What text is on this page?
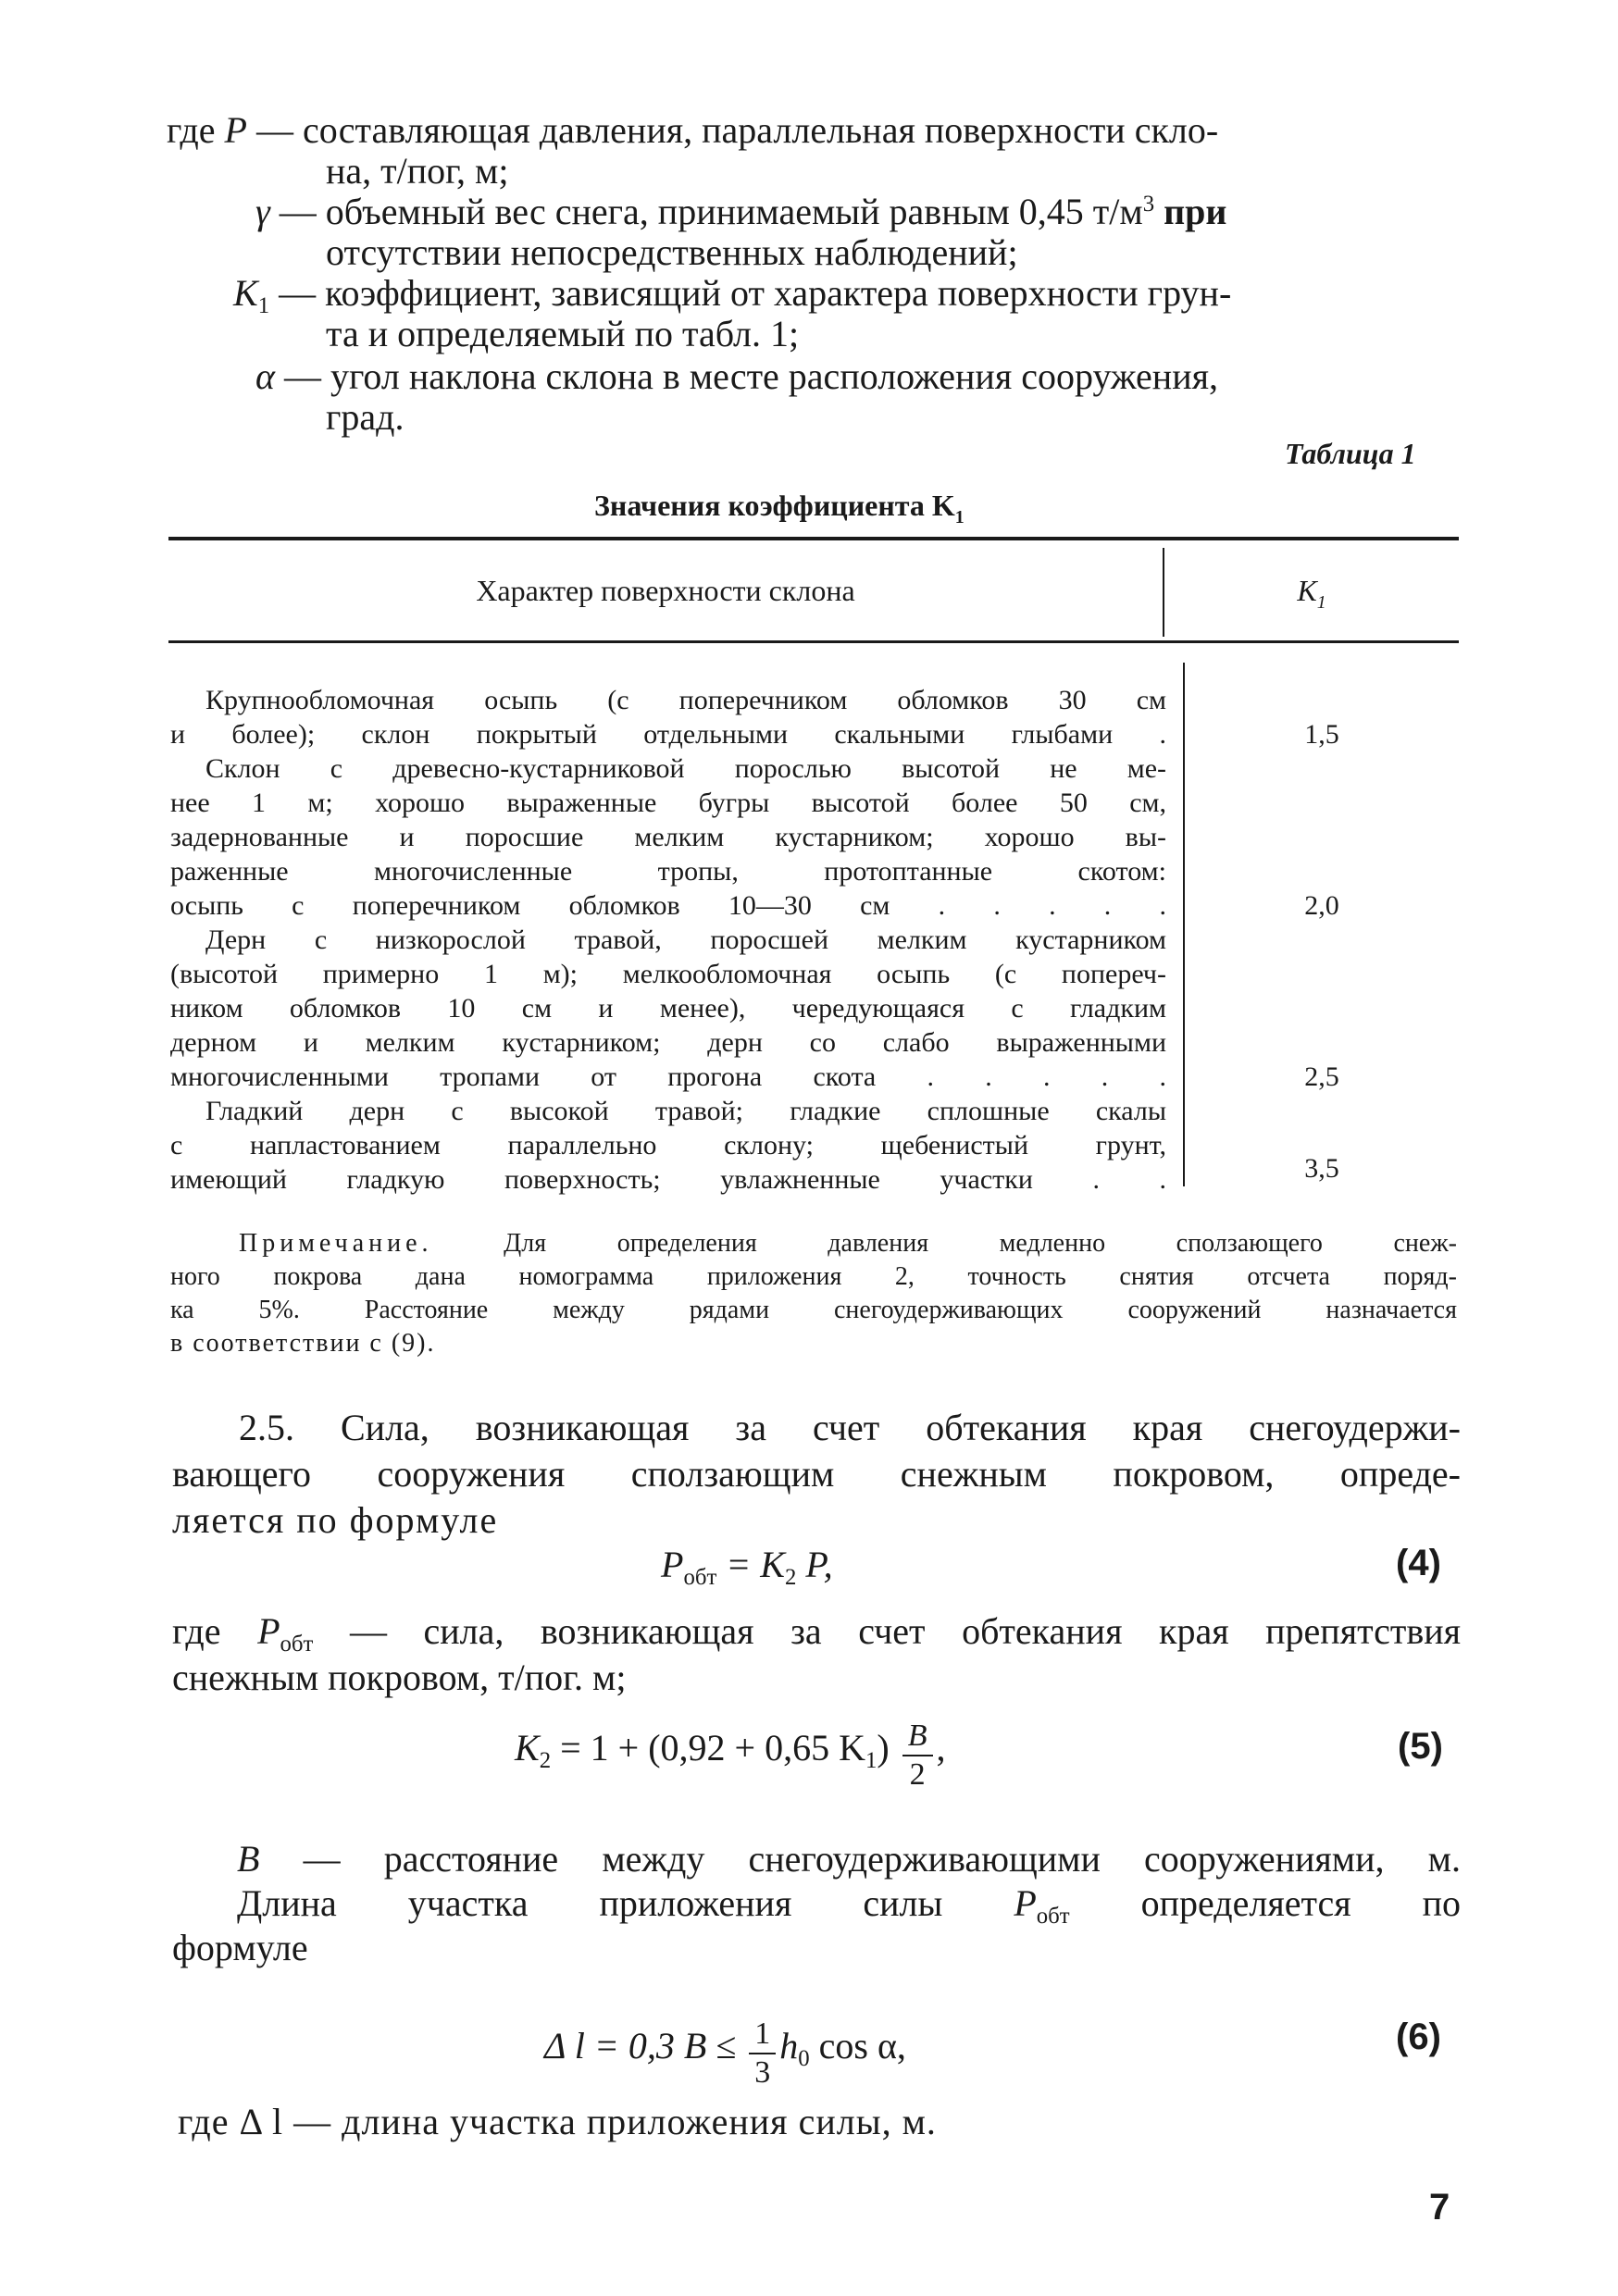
где P — составляющая давления, параллельная поверхности скло-
на, т/пог, м;
γ — объемный вес снега, принимаемый равным 0,45 $т/м^3$ при
отсутствии непосредственных наблюдений;
$K_1$ — коэффициент, зависящий от характера поверхности грун-
та и определяемый по табл. 1;
α — угол наклона склона в месте расположения сооружения,
град.
Таблица 1
Значения коэффициента $K_1$
Характер поверхности склона	$K_1$
Крупнообломочная осыпь (с поперечником обломков 30 см
и более); склон покрытый отдельными скальными глыбами .	1,5
Склон с древесно-кустарниковой порослью высотой не ме-
нее 1 м; хорошо выраженные бугры высотой более 50 см,
задернованные и поросшие мелким кустарником; хорошо вы-
раженные многочисленные тропы, протоптанные скотом:
осыпь с поперечником обломков 10—30 см . . . . .	2,0
Дерн с низкорослой травой, поросшей мелким кустарником
(высотой примерно 1 м); мелкообломочная осыпь (с попереч-
ником обломков 10 см и менее), чередующаяся с гладким
дерном и мелким кустарником; дерн со слабо выраженными
многочисленными тропами от прогона скота . . . . .	2,5
Гладкий дерн с высокой травой; гладкие сплошные скалы
с напластованием параллельно склону; щебенистый грунт,
имеющий гладкую поверхность; увлажненные участки . .	3,5
Примечание. Для определения давления медленно сползающего снеж-
ного покрова дана номограмма приложения 2, точность снятия отсчета поряд-
ка 5%. Расстояние между рядами снегоудерживающих сооружений назначается
в соответствии с (9).
2.5. Сила, возникающая за счет обтекания края снегоудержи-
вающего сооружения сползающим снежным покровом, опреде-
ляется по формуле
$P_{обт} = K_2$ P,	(4)
где $P_{обт}$ — сила, возникающая за счет обтекания края препятствия
снежным покровом, т/пог. м;
$K_2 = 1 + (0,92 + 0,65$ $K_1) \frac{B}{2}$ ,	(5)
B — расстояние между снегоудерживающими сооружениями, м.
Длина участка приложения силы $P_{обт}$ определяется по
формуле
Δ l = 0,3 $B \le \frac{1}{3} h_0$ cos α,	(6)
где Δ l — длина участка приложения силы, м.
7
